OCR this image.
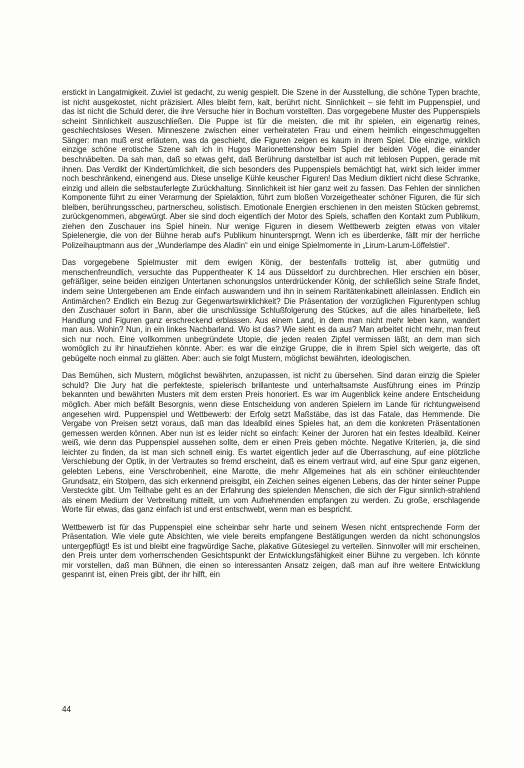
erstickt in Langatmigkeit. Zuviel ist gedacht, zu wenig gespielt. Die Szene in der Ausstellung, die schöne Typen brachte, ist nicht ausgekostet, nicht präzisiert. Alles bleibt fern, kalt, berührt nicht. Sinnlichkeit – sie fehlt im Puppenspiel, und das ist nicht die Schuld derer, die ihre Versuche hier in Bochum vorstellten. Das vorgegebene Muster des Puppenspiels scheint Sinnlichkeit auszuschließen. Die Puppe ist für die meisten, die mit ihr spielen, ein eigenartig reines, geschlechtsloses Wesen. Minneszene zwischen einer verheirateten Frau und einem heimlich eingeschmuggelten Sänger: man muß erst erläutern, was da geschieht, die Figuren zeigen es kaum in ihrem Spiel. Die einzige, wirklich einzige schöne erotische Szene sah ich in Hugos Marionettenshow beim Spiel der beiden Vögel, die einander beschnäbelten. Da sah man, daß so etwas geht, daß Berührung darstellbar ist auch mit leblosen Puppen, gerade mit ihnen. Das Verdikt der Kindertümlichkeit, die sich besonders des Puppenspiels bemächtigt hat, wirkt sich leider immer noch beschränkend, einengend aus. Diese unselige Kühle keuscher Figuren! Das Medium diktiert nicht diese Schranke, einzig und allein die selbstauferlegte Zurückhaltung. Sinnlichkeit ist hier ganz weit zu fassen. Das Fehlen der sinnlichen Komponente führt zu einer Verarmung der Spielaktion, führt zum bloßen Vorzeigetheater schöner Figuren, die für sich bleiben, berührungsscheu, partnerscheu, solistisch. Emotionale Energien erschienen in den meisten Stücken gebremst, zurückgenommen, abgewürgt. Aber sie sind doch eigentlich der Motor des Spiels, schaffen den Kontakt zum Publikum, ziehen den Zuschauer ins Spiel hinein. Nur wenige Figuren in diesem Wettbewerb zeigten etwas von vitaler Spielenergie, die von der Bühne herab auf's Publikum hinuntersprngt. Wenn ich es überdenke, fällt mir der herrliche Polizeihauptmann aus der „Wunderlampe des Aladin“ ein und einige Spielmomente in „Lirum-Larum-Löffelstiel“.

Das vorgegebene Spielmuster mit dem ewigen König, der bestenfalls trottelig ist, aber gutmütig und menschenfreundlich, versuchte das Puppentheater K 14 aus Düsseldorf zu durchbrechen. Hier erschien ein böser, gefräßiger, seine beiden einzigen Untertanen schonungslos unterdrückender König, der schließlich seine Strafe findet, indem seine Untergebenen am Ende einfach auswandern und ihn in seinem Raritätenkabinett alleinlassen. Endlich ein Antimärchen? Endlich ein Bezug zur Gegenwartswirklichkeit? Die Präsentation der vorzüglichen Figurentypen schlug den Zuschauer sofort in Bann, aber die unschlüssige Schlußfolgerung des Stückes, auf die alles hinarbeitete, ließ Handlung und Figuren ganz erschreckend erblassen. Aus einem Land, in dem man nicht mehr leben kann, wandert man aus. Wohin? Nun, in ein linkes Nachbarland. Wo ist das? Wie sieht es da aus? Man arbeitet nicht mehr, man freut sich nur noch. Eine vollkommen unbegründete Utopie, die jeden realen Zipfel vermissen läßt, an dem man sich womöglich zu ihr hinaufziehen könnte. Aber: es war die einzige Gruppe, die in ihrem Spiel sich weigerte, das oft gebügelte noch einmal zu glätten. Aber: auch sie folgt Mustern, möglichst bewährten, ideologischen.

Das Bemühen, sich Mustern, möglichst bewährten, anzupassen, ist nicht zu übersehen. Sind daran einzig die Spieler schuld? Die Jury hat die perfekteste, spielerisch brillanteste und unterhaltsamste Ausführung eines im Prinzip bekannten und bewährten Musters mit dem ersten Preis honoriert. Es war im Augenblick keine andere Entscheidung möglich. Aber mich befällt Besorgnis, wenn diese Entscheidung von anderen Spielern im Lande für richtungweisend angesehen wird. Puppenspiel und Wettbewerb: der Erfolg setzt Maßstäbe, das ist das Fatale, das Hemmende. Die Vergabe von Preisen setzt voraus, daß man das Idealbild eines Spieles hat, an dem die konkreten Präsentationen gemessen werden können. Aber nun ist es leider nicht so einfach: Keiner der Juroren hat ein festes Idealbild. Keiner weiß, wie denn das Puppenspiel aussehen sollte, dem er einen Preis geben möchte. Negative Kriterien, ja, die sind leichter zu finden, da ist man sich schnell einig. Es wartet eigentlich jeder auf die Überraschung, auf eine plötzliche Verschiebung der Optik, in der Vertrautes so fremd erscheint, daß es einem vertraut wird, auf eine Spur ganz eigenen, gelebten Lebens, eine Verschrobenheit, eine Marotte, die mehr Allgemeines hat als ein schöner einleuchtender Grundsatz, ein Stolpern, das sich erkennend preisgibt, ein Zeichen seines eigenen Lebens, das der hinter seiner Puppe Versteckte gibt. Um Teilhabe geht es an der Erfahrung des spielenden Menschen, die sich der Figur sinnlich-strahlend als einem Medium der Verbreitung mitteilt, um vom Aufnehmenden empfangen zu werden. Zu große, erschlagende Worte für etwas, das ganz einfach ist und erst entschwebt, wenn man es bespricht.

Wettbewerb ist für das Puppenspiel eine scheinbar sehr harte und seinem Wesen nicht entsprechende Form der Präsentation. Wie viele gute Absichten, wie viele bereits empfangene Bestätigungen werden da nicht schonungslos untergepflügt! Es ist und bleibt eine fragwürdige Sache, plakative Gütesiegel zu verteilen. Sinnvoller will mir erscheinen, den Preis unter dem vorherrschenden Gesichtspunkt der Entwicklungsfähigkeit einer Bühne zu vergeben. Ich könnte mir vorstellen, daß man Bühnen, die einen so interessanten Ansatz zeigen, daß man auf ihre weitere Entwicklung gespannt ist, einen Preis gibt, der ihr hilft, ein

44
